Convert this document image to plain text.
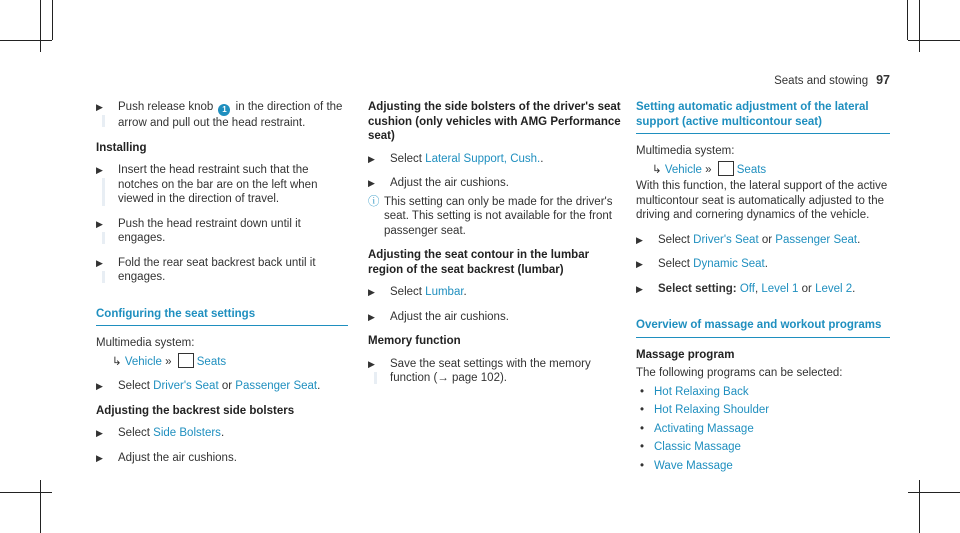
Seats and stowing 97
▶ Push release knob 1 in the direction of the arrow and pull out the head restraint.
Installing
▶ Insert the head restraint such that the notches on the bar are on the left when viewed in the direction of travel.
▶ Push the head restraint down until it engages.
▶ Fold the rear seat backrest back until it engages.
Configuring the seat settings
Multimedia system:
↳ Vehicle » Seats
▶ Select Driver's Seat or Passenger Seat.
Adjusting the backrest side bolsters
▶ Select Side Bolsters.
▶ Adjust the air cushions.
Adjusting the side bolsters of the driver's seat cushion (only vehicles with AMG Performance seat)
▶ Select Lateral Support, Cush..
▶ Adjust the air cushions.
ⓘ This setting can only be made for the driver's seat. This setting is not available for the front passenger seat.
Adjusting the seat contour in the lumbar region of the seat backrest (lumbar)
▶ Select Lumbar.
▶ Adjust the air cushions.
Memory function
▶ Save the seat settings with the memory function (→ page 102).
Setting automatic adjustment of the lateral support (active multicontour seat)
Multimedia system:
↳ Vehicle » Seats
With this function, the lateral support of the active multicontour seat is automatically adjusted to the driving and cornering dynamics of the vehicle.
▶ Select Driver's Seat or Passenger Seat.
▶ Select Dynamic Seat.
▶ Select setting: Off, Level 1 or Level 2.
Overview of massage and workout programs
Massage program
The following programs can be selected:
• Hot Relaxing Back
• Hot Relaxing Shoulder
• Activating Massage
• Classic Massage
• Wave Massage
